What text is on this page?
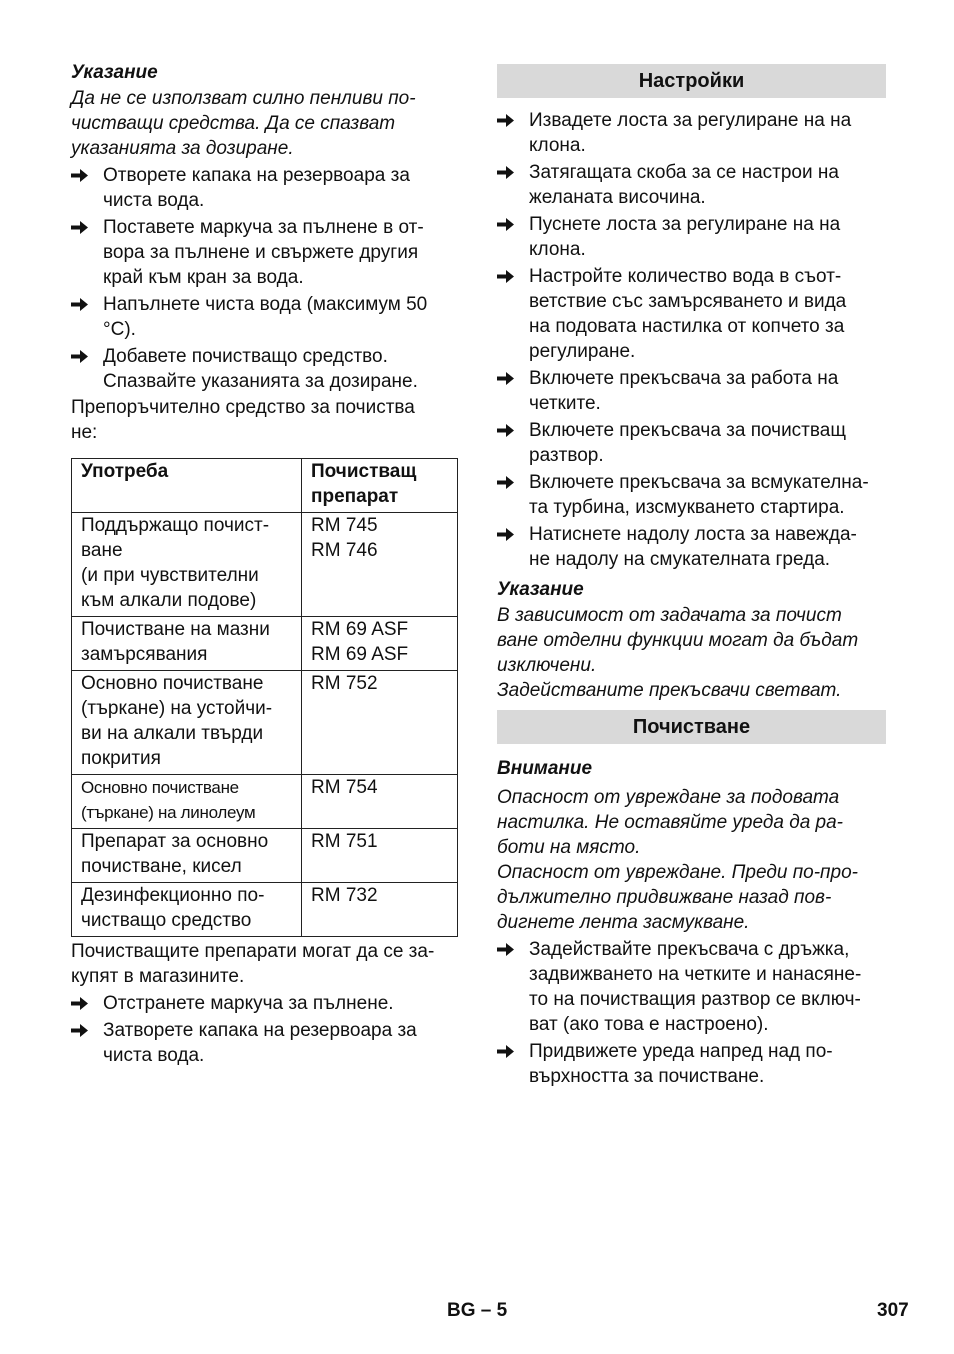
Указание

Да не се използват силно пенливи по-
чистващи средства. Да се спазват
указанията за дозиране.
Отворете капака на резервоара за
чиста вода.
Поставете маркуча за пълнене в от-
вора за пълнене и свържете другия
край към кран за вода.
Напълнете чиста вода (максимум 50
°C).
Добавете почистващо средство.
Спазвайте указанията за дозиране.
Препоръчително средство за почиства
не:
Употреба	Почистващ
препарат

Поддържащо почист-
ване
(и при чувствителни
към алкали подове)	RM 745
RM 746

Почистване на мазни
замърсявания	RM 69 ASF
RM 69 ASF

Основно почистване
(търкане) на устойчи-
ви на алкали твърди
покрития	RM 752

Основно почистване
(търкане) на линолеум	RM 754

Препарат за основно
почистване, кисел	RM 751

Дезинфекционно по-
чистващо средство	RM 732
Почистващите препарати могат да се за-
купят в магазините.
Отстранете маркуча за пълнене.
Затворете капака на резервоара за
чиста вода.
Настройки
Извадете лоста за регулиране на на
клона.
Затягащата скоба за се настрои на
желаната височина.
Пуснете лоста за регулиране на на
клона.
Настройте количество вода в съот-
ветствие със замърсяването и вида
на подовата настилка от копчето за
регулиране.
Включете прекъсвача за работа на
четките.
Включете прекъсвача за почистващ
разтвор.
Включете прекъсвача за всмукателна-
та турбина, изсмукването стартира.
Натиснете надолу лоста за навежда-
не надолу на смукателната греда.

Указание

В зависимост от задачата за почист
ване отделни функции могат да бъдат
изключени.
Задействаните прекъсвачи светват.
Почистване

Внимание

Опасност от увреждане за подовата
настилка. Не оставяйте уреда да ра-
боти на място.
Опасност от увреждане. Преди по-про-
дължително придвижване назад пов-
дигнете лента засмукване.
Задействайте прекъсвача с дръжка,
задвижването на четките и нанасяне-
то на почистващия разтвор се включ-
ват (ако това е настроено).
Придвижете уреда напред над по-
върхността за почистване.
BG – 5	307
